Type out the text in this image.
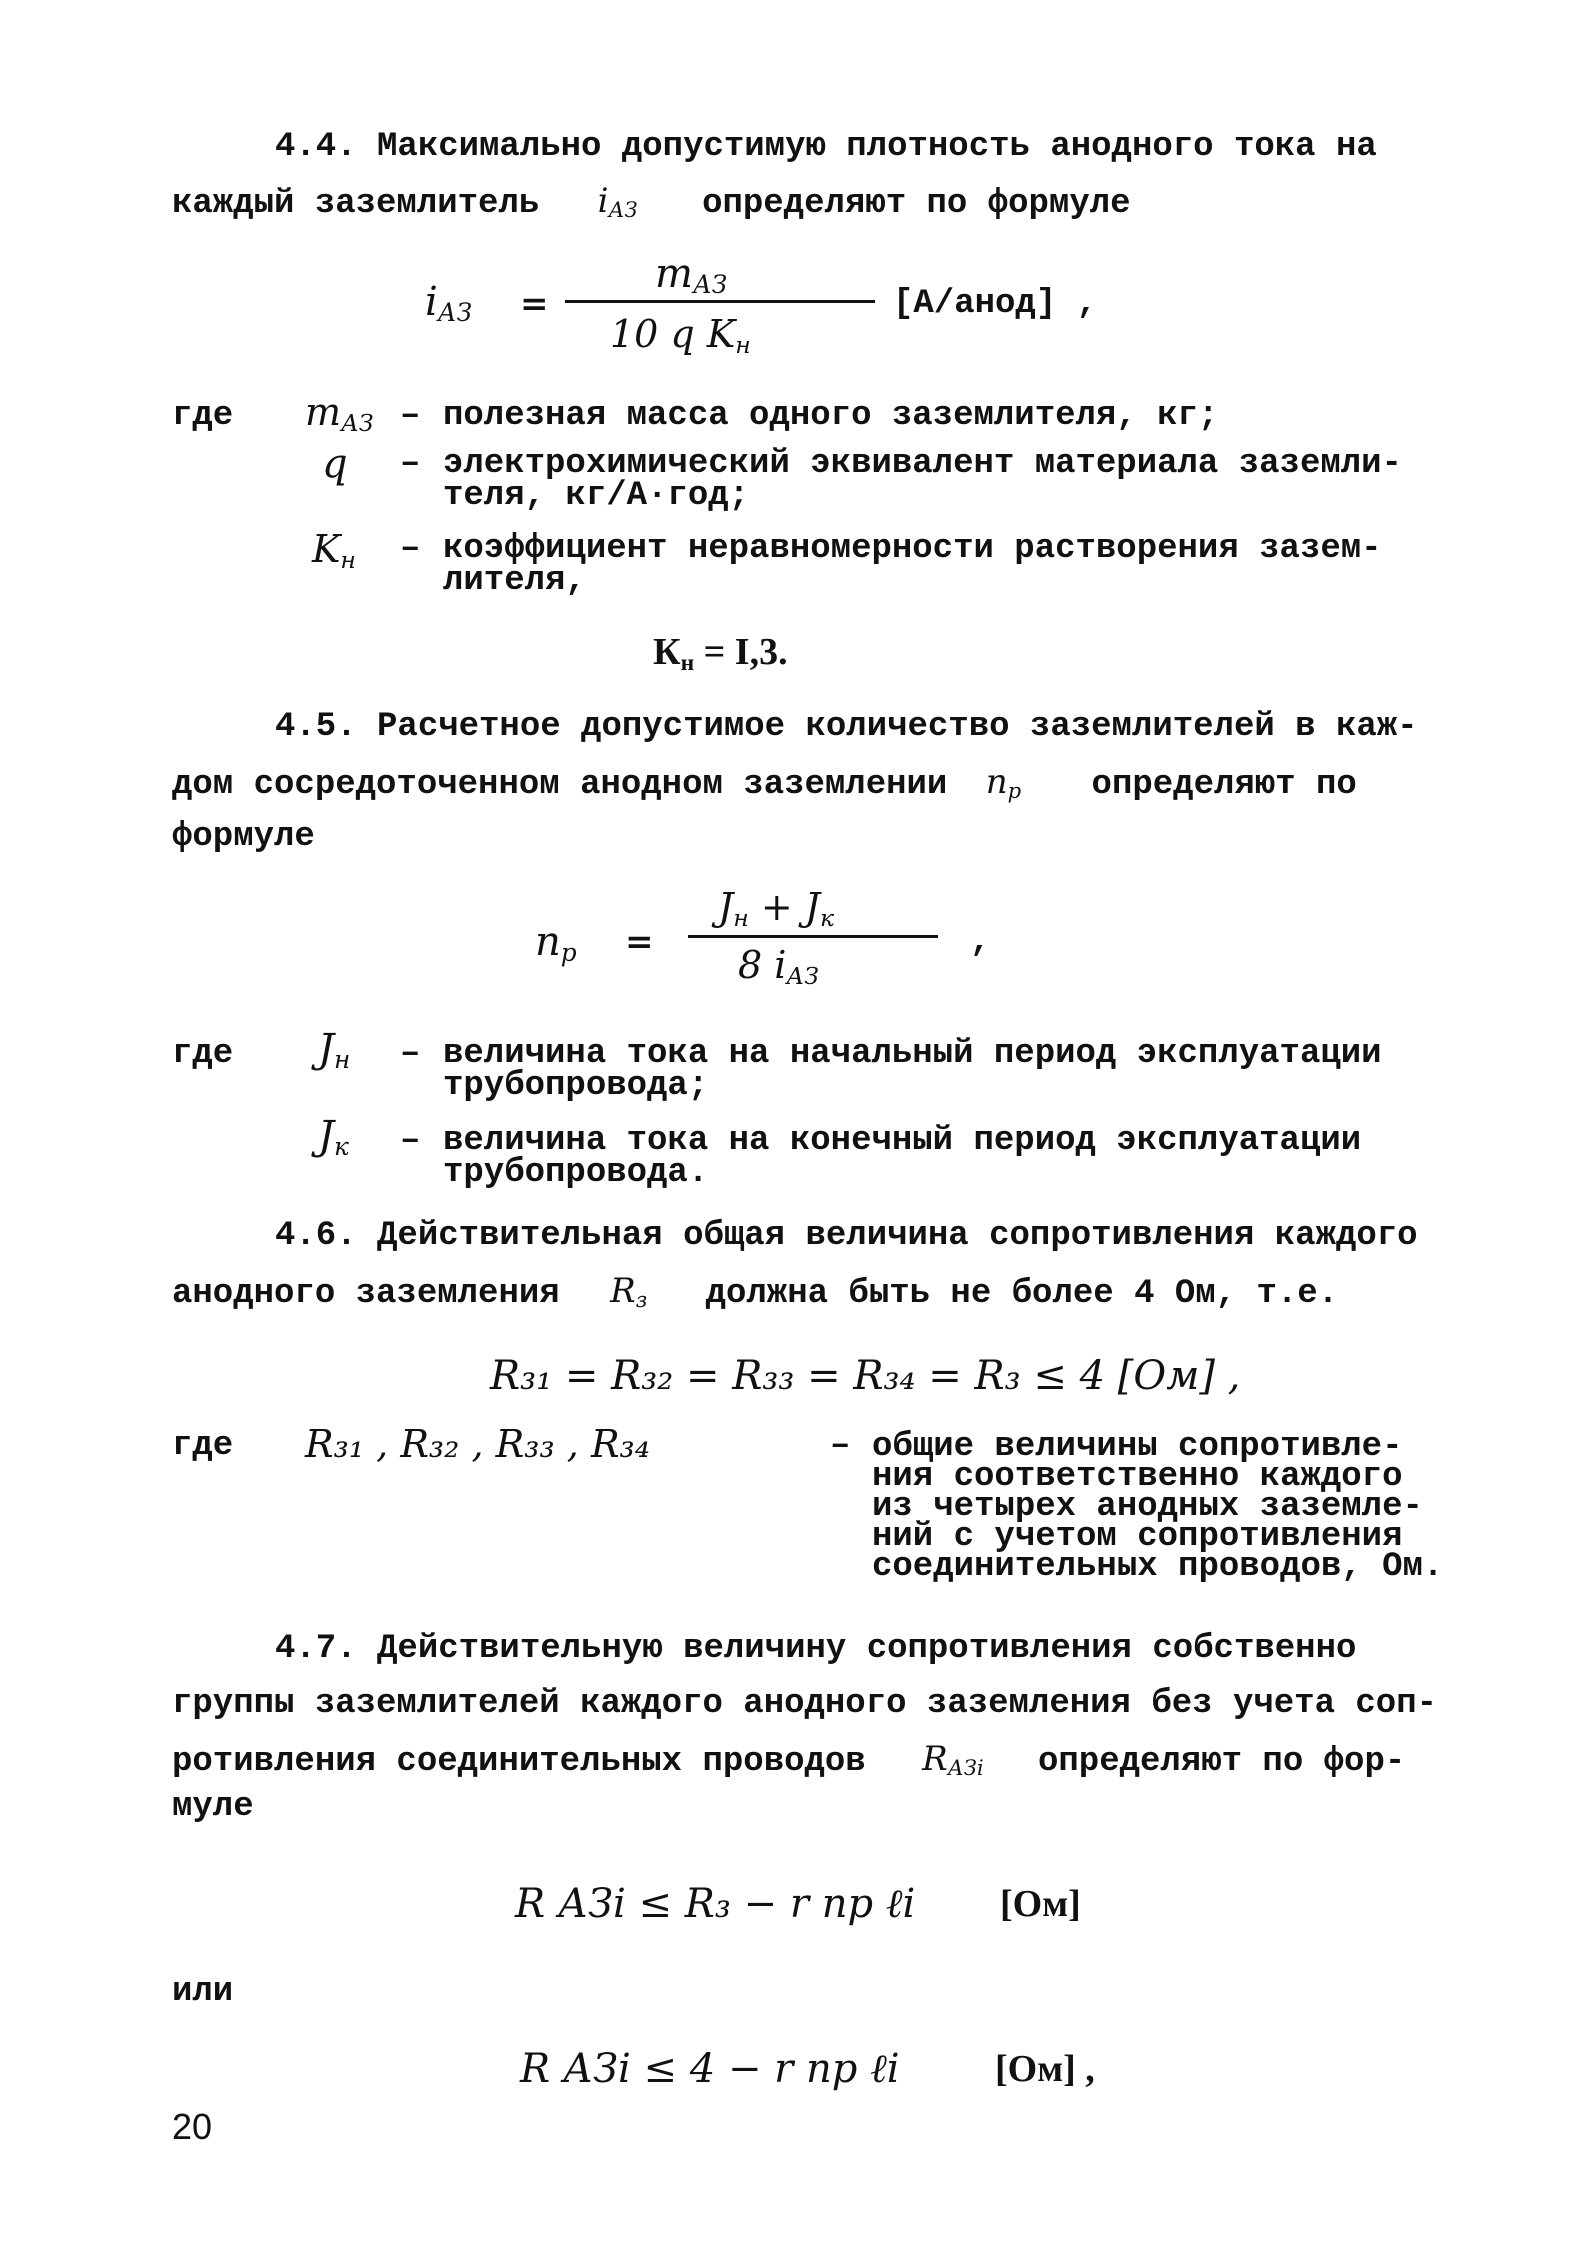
4.4. Максимально допустимую плотность анодного тока на
каждый заземлитель $i_{АЗ}$ определяют по формуле
$i_{АЗ}$ =
$m_{АЗ}$
10 q $K_н$
[А/анод] ,
где $m_{АЗ}$ – полезная масса одного заземлителя, кг;
q – электрохимический эквивалент материала заземли-
теля, кг/А·год;
$K_н$ – коэффициент неравномерности растворения зазем-
лителя,
$К_н = I,3$.
4.5. Расчетное допустимое количество заземлителей в каж-
дом сосредоточенном анодном заземлении $n_p$ определяют по
формуле
$n_p$ =
$Ј_н + Ј_к$
8 $i_{АЗ}$
,
где $Ј_н$ – величина тока на начальный период эксплуатации
трубопровода;
$Ј_к$ – величина тока на конечный период эксплуатации
трубопровода.
4.6. Действительная общая величина сопротивления каждого
анодного заземления $R_з$ должна быть не более 4 Ом, т.е.
R₃₁ = R₃₂ = R₃₃ = R₃₄ = R₃ ≤ 4 [Ом] ,
где R₃₁ , R₃₂ , R₃₃ , R₃₄	– общие величины сопротивле-
ния соответственно каждого
из четырех анодных заземле-
ний с учетом сопротивления
соединительных проводов, Ом.
4.7. Действительную величину сопротивления собственно
группы заземлителей каждого анодного заземления без учета соп-
ротивления соединительных проводов $R_{АЗi}$ определяют по фор-
муле
R АЗi ≤ R₃ − r пр ℓi [Ом]
или
R АЗi ≤ 4 − r пр ℓi	[Ом] ,
20
